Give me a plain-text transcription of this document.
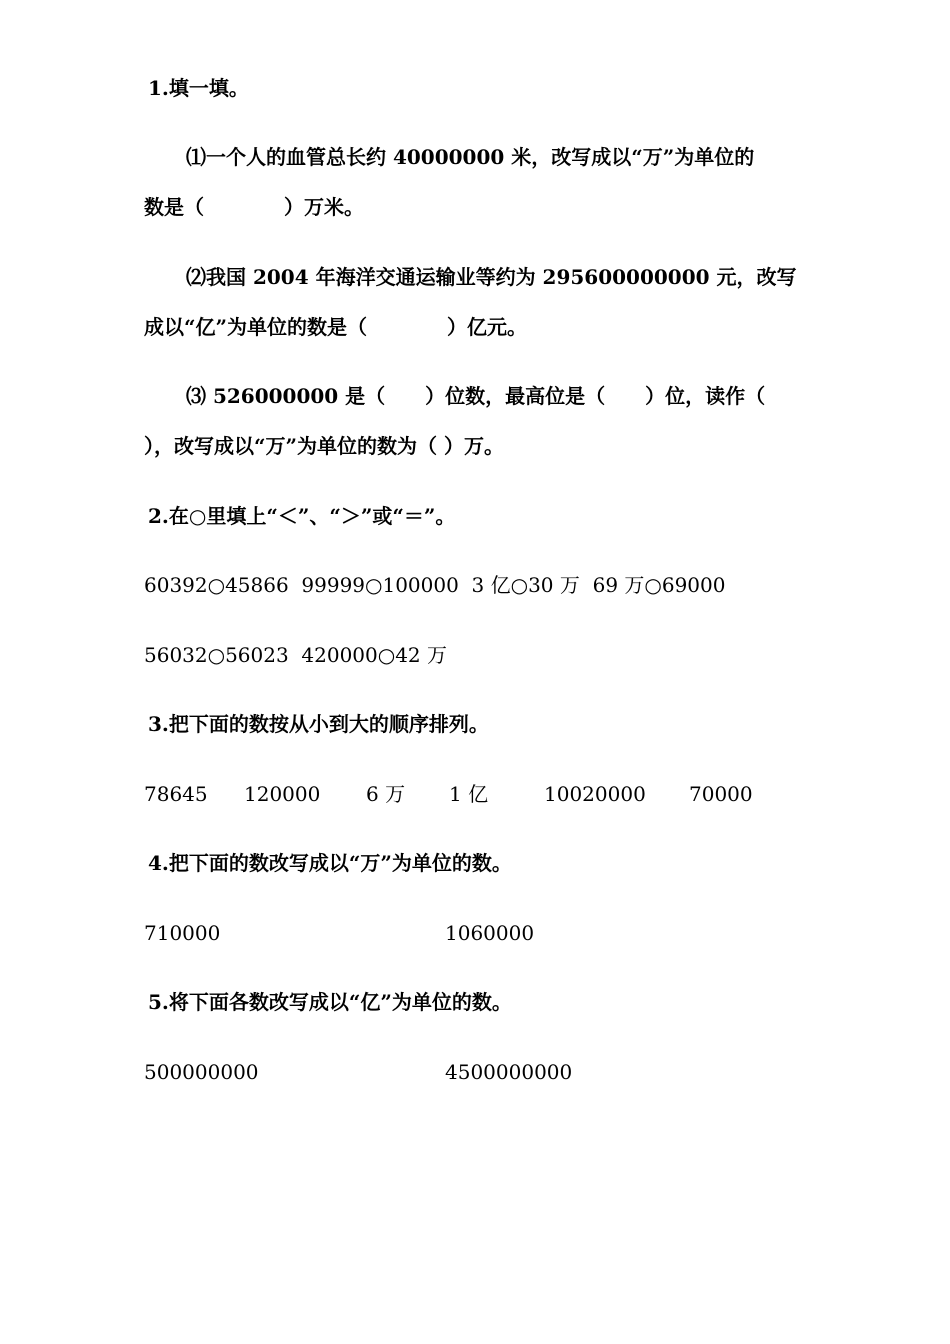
1.填一填。
⑴一个人的血管总长约 40000000 米，改写成以“万”为单位的
数是（　　　　）万米。
⑵我国 2004 年海洋交通运输业等约为 295600000000 元，改写
成以“亿”为单位的数是（　　　　）亿元。
⑶ 526000000 是（　　）位数，最高位是（　　）位，读作（
），改写成以“万”为单位的数为（ ）万。
2.在○里填上“＜”、“＞”或“＝”。
60392○45866  99999○100000  3 亿○30 万  69 万○69000
56032○56023  420000○42 万
3.把下面的数按从小到大的顺序排列。

78645

120000

6 万

1 亿

	10020000

70000

4.把下面的数改写成以“万”为单位的数。

710000

	1060000

5.将下面各数改写成以“亿”为单位的数。

500000000

	4500000000
